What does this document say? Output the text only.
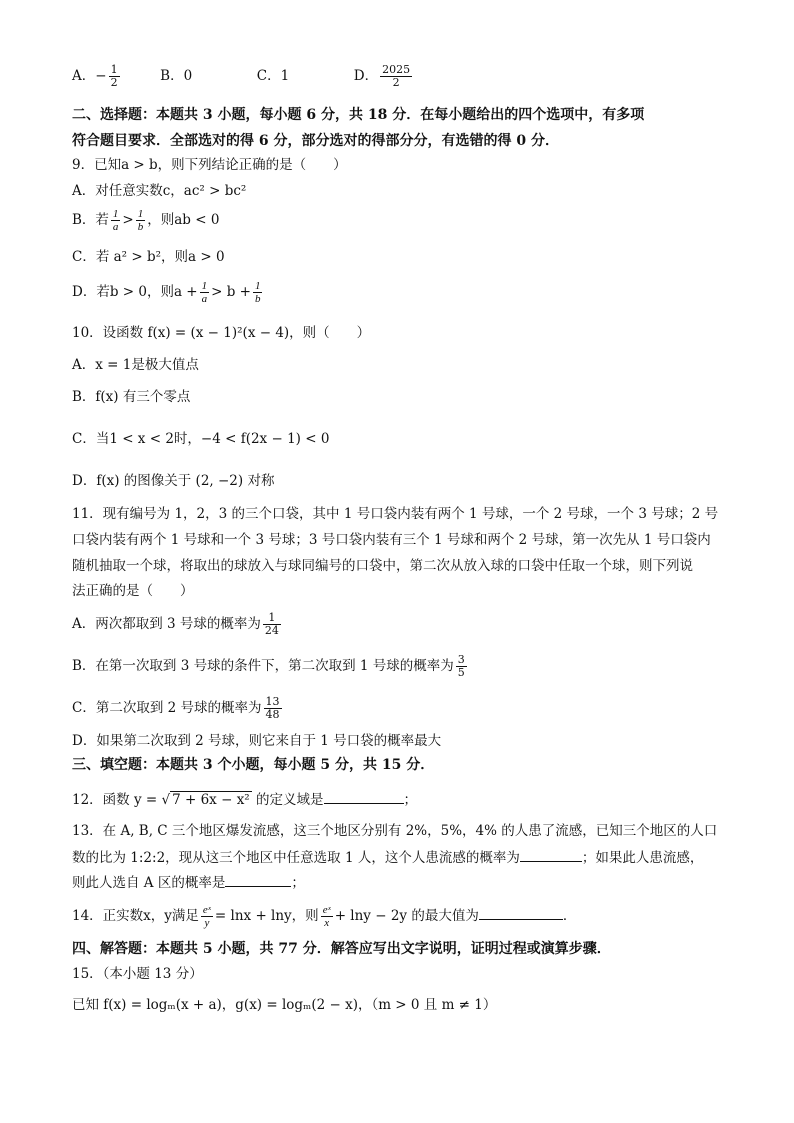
A．− $\frac{1}{2}$	B．0	C．1	D． $\frac{2025}{2}$
二、选择题：本题共 3 小题，每小题 6 分，共 18 分．在每小题给出的四个选项中，有多项
符合题目要求．全部选对的得 6 分，部分选对的得部分分，有选错的得 0 分．
9．已知a > b，则下列结论正确的是（　　）
A．对任意实数c，ac² > bc²
B．若 $\frac{1}{a} > \frac{1}{b}$ ，则ab < 0
C．若 a² > b²，则a > 0
D．若b > 0，则$a + \frac{1}{a} > b + \frac{1}{b}$
10．设函数 f(x) = (x − 1)²(x − 4)，则（　　）
A．x = 1是极大值点
B．f(x) 有三个零点
C．当1 < x < 2时，−4 < f(2x − 1) < 0
D．f(x) 的图像关于 (2, −2) 对称
11．现有编号为 1，2，3 的三个口袋，其中 1 号口袋内装有两个 1 号球，一个 2 号球，一个 3 号球；2 号
口袋内装有两个 1 号球和一个 3 号球；3 号口袋内装有三个 1 号球和两个 2 号球，第一次先从 1 号口袋内
随机抽取一个球，将取出的球放入与球同编号的口袋中，第二次从放入球的口袋中任取一个球，则下列说
法正确的是（　　）
A．两次都取到 3 号球的概率为 $\frac{1}{24}$
B．在第一次取到 3 号球的条件下，第二次取到 1 号球的概率为 $\frac{3}{5}$
C．第二次取到 2 号球的概率为 $\frac{13}{48}$
D．如果第二次取到 2 号球，则它来自于 1 号口袋的概率最大
三、填空题：本题共 3 个小题，每小题 5 分，共 15 分．
12．函数 y = √ 7 + 6x − x² 的定义域是	；
13．在 A, B, C 三个地区爆发流感，这三个地区分别有 2%，5%，4% 的人患了流感，已知三个地区的人口
数的比为 1:2:2，现从这三个地区中任意选取 1 人，这个人患流感的概率为	；如果此人患流感，
则此人选自 A 区的概率是	；
14．正实数x，y满足 $\frac{\text{eˣ}}{y} = \ln x + \ln y$，则 $\frac{\text{eˣ}}{x} + \ln y - 2y$ 的最大值为	．
四、解答题：本题共 5 小题，共 77 分．解答应写出文字说明，证明过程或演算步骤．
15．（本小题 13 分）
已知 f(x) = logₘ(x + a)，g(x) = logₘ(2 − x)，（m > 0 且 m ≠ 1）
